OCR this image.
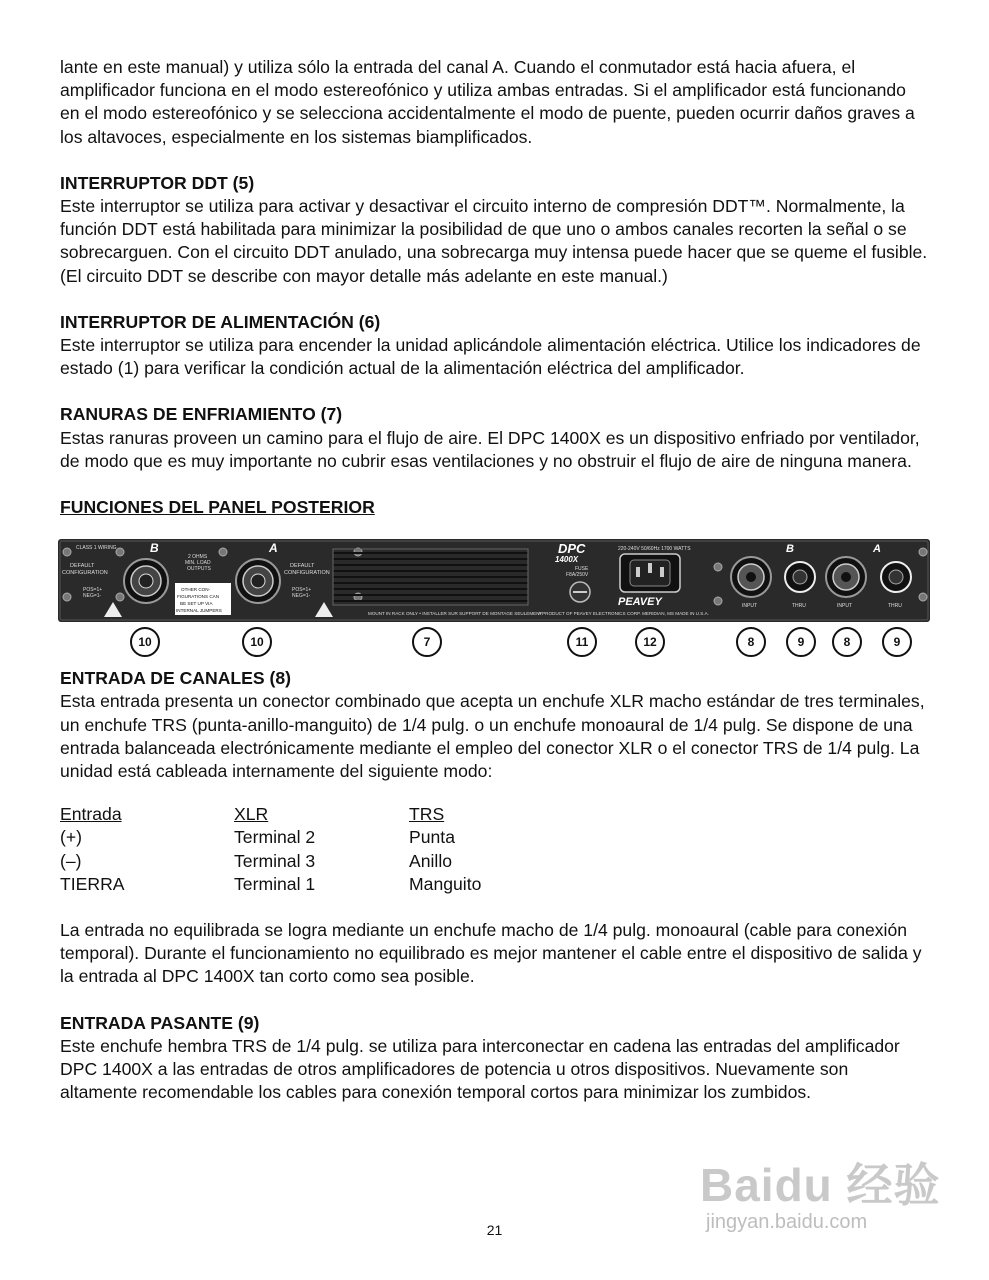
lante en este manual) y utiliza sólo la entrada del canal A. Cuando el conmutador está hacia afuera, el amplificador funciona en el modo estereofónico y utiliza ambas entradas. Si el amplificador está funcionando en el modo estereofónico y se selecciona accidentalmente el modo de puente, pueden ocurrir daños graves a los altavoces, especialmente en los sistemas biamplificados.

INTERRUPTOR DDT (5)

Este interruptor se utiliza para activar y desactivar el circuito interno de compresión DDT™. Normalmente, la función DDT está habilitada para minimizar la posibilidad de que uno o ambos canales recorten la señal o se sobrecarguen. Con el circuito DDT anulado, una sobrecarga muy intensa puede hacer que se queme el fusible. (El circuito DDT se describe con mayor detalle más adelante en este manual.)

INTERRUPTOR DE ALIMENTACIÓN (6)

Este interruptor se utiliza para encender la unidad aplicándole alimentación eléctrica. Utilice los indicadores de estado (1) para verificar la condición actual de la alimentación eléctrica del amplificador.

RANURAS DE ENFRIAMIENTO (7)

Estas ranuras proveen un camino para el flujo de aire. El DPC 1400X es un dispositivo enfriado por ventilador, de modo que es muy importante no cubrir esas ventilaciones y no obstruir el flujo de aire de ninguna manera.

FUNCIONES DEL PANEL POSTERIOR
CLASS 1 WIRING
DEFAULT
CONFIGURATION
POS=1+
NEG=1-
B
2 OHMS
MIN. LOAD
OUTPUTS
OTHER CON-
FIGURATIONS CAN
BE SET UP VIA
INTERNAL JUMPERS
A
DEFAULT
CONFIGURATION
POS=1+
NEG=1-
MOUNT IN RACK ONLY • INSTALLER SUR SUPPORT DE MONTAGE SEULEMENT
DPC
1400X
FUSE
F8A/250V
220-240V 50/60Hz 1700 WATTS
PEAVEY
A PRODUCT OF PEAVEY ELECTRONICS CORP. MERIDIAN, MS MADE IN U.S.A.
B
INPUT	THRU
A
INPUT	THRU
10	10	7	11	12	8	9	8	9
ENTRADA DE CANALES (8)

Esta entrada presenta un conector combinado que acepta un enchufe XLR macho estándar de tres terminales, un enchufe TRS (punta-anillo-manguito) de 1/4 pulg. o un enchufe monoaural de 1/4 pulg. Se dispone de una entrada balanceada electrónicamente mediante el empleo del conector XLR o el conector TRS de 1/4 pulg. La unidad está cableada internamente del siguiente modo:

Entrada	XLR	TRS
(+)	Terminal 2	Punta
(–)	Terminal 3	Anillo
TIERRA	Terminal 1	Manguito

La entrada no equilibrada se logra mediante un enchufe macho de 1/4 pulg. monoaural (cable para conexión temporal). Durante el funcionamiento no equilibrado es mejor mantener el cable entre el dispositivo de salida y la entrada al DPC 1400X tan corto como sea posible.

ENTRADA PASANTE (9)

Este enchufe hembra TRS de 1/4 pulg. se utiliza para interconectar en cadena las entradas del amplificador DPC 1400X a las entradas de otros amplificadores de potencia u otros dispositivos. Nuevamente son altamente recomendable los cables para conexión temporal cortos para minimizar los zumbidos.

21
Baidu 经验
jingyan.baidu.com
